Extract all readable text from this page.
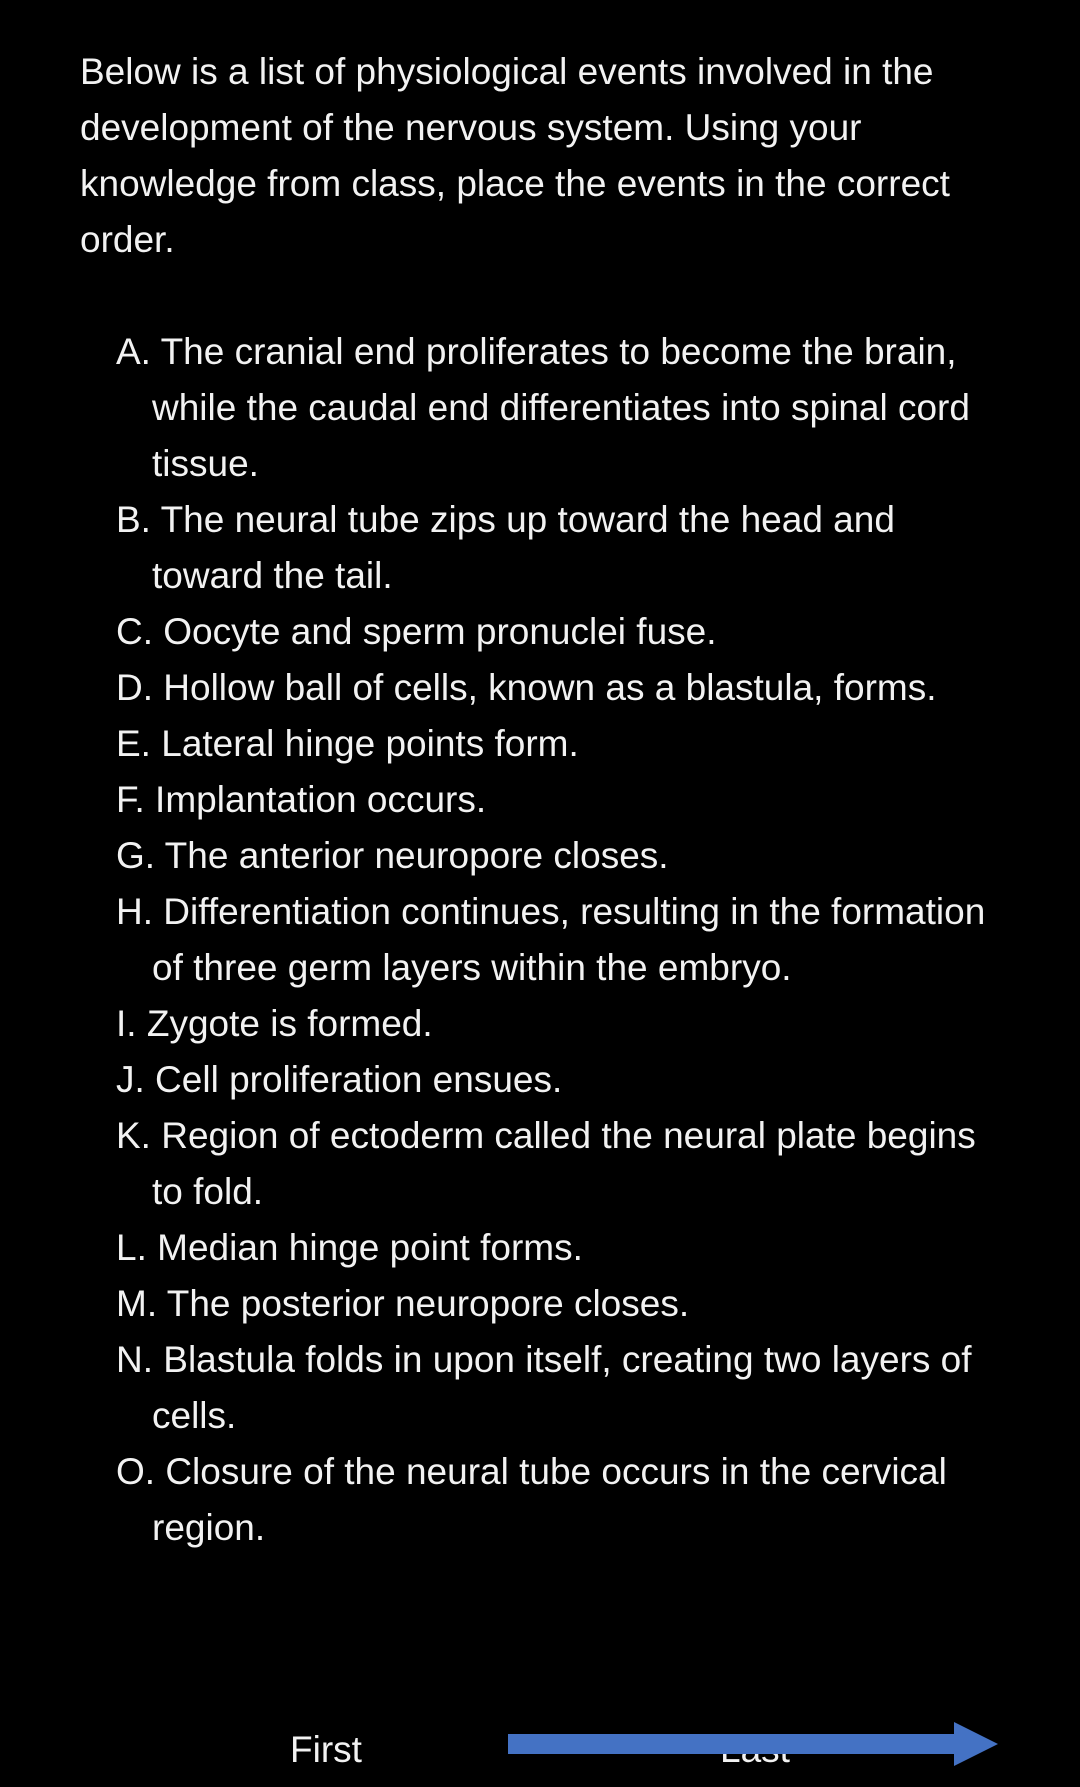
Below is a list of physiological events involved in the development of the nervous system. Using your knowledge from class, place the events in the correct order.
A. The cranial end proliferates to become the brain, while the caudal end differentiates into spinal cord tissue.
B. The neural tube zips up toward the head and toward the tail.
C. Oocyte and sperm pronuclei fuse.
D. Hollow ball of cells, known as a blastula, forms.
E. Lateral hinge points form.
F. Implantation occurs.
G. The anterior neuropore closes.
H. Differentiation continues, resulting in the formation of three germ layers within the embryo.
I. Zygote is formed.
J. Cell proliferation ensues.
K. Region of ectoderm called the neural plate begins to fold.
L. Median hinge point forms.
M. The posterior neuropore closes.
N. Blastula folds in upon itself, creating two layers of cells.
O. Closure of the neural tube occurs in the cervical region.
First
